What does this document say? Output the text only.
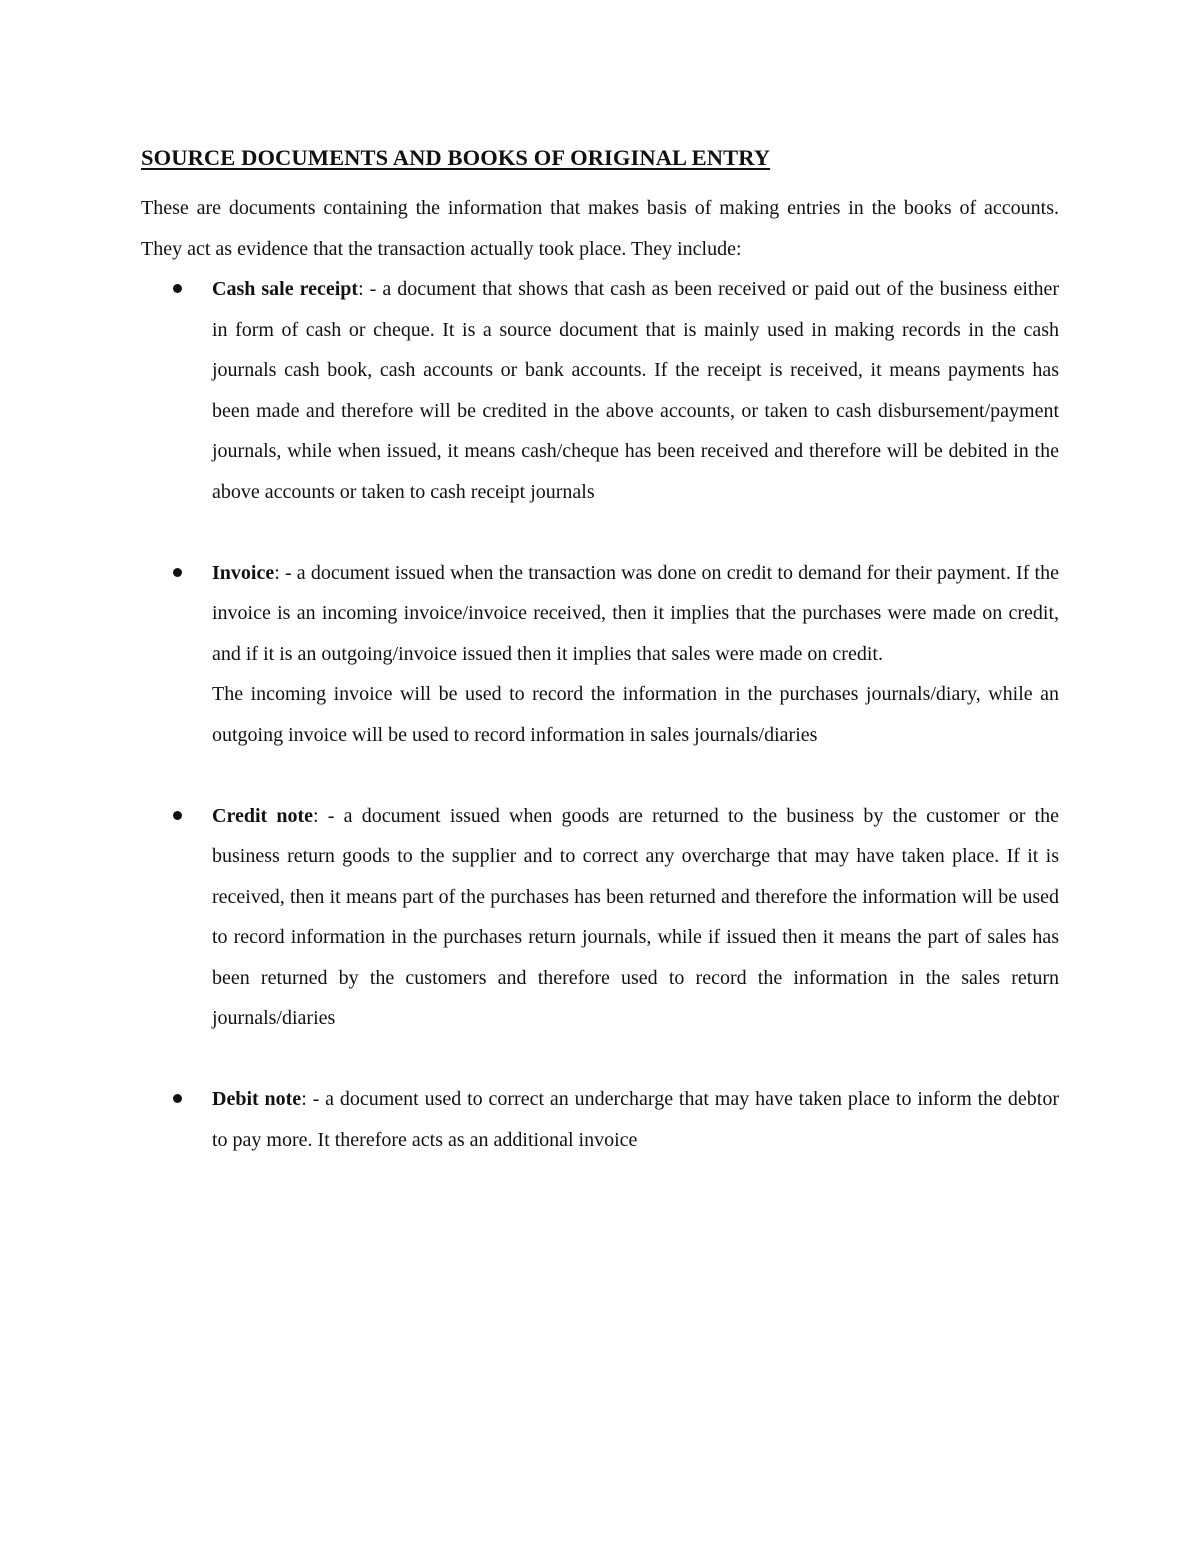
SOURCE DOCUMENTS AND BOOKS OF ORIGINAL ENTRY

These are documents containing the information that makes basis of making entries in the books of accounts. They act as evidence that the transaction actually took place. They include:

Cash sale receipt: - a document that shows that cash as been received or paid out of the business either in form of cash or cheque. It is a source document that is mainly used in making records in the cash journals cash book, cash accounts or bank accounts. If the receipt is received, it means payments has been made and therefore will be credited in the above accounts, or taken to cash disbursement/payment journals, while when issued, it means cash/cheque has been received and therefore will be debited in the above accounts or taken to cash receipt journals

Invoice: - a document issued when the transaction was done on credit to demand for their payment. If the invoice is an incoming invoice/invoice received, then it implies that the purchases were made on credit, and if it is an outgoing/invoice issued then it implies that sales were made on credit.

The incoming invoice will be used to record the information in the purchases journals/diary, while an outgoing invoice will be used to record information in sales journals/diaries

Credit note: - a document issued when goods are returned to the business by the customer or the business return goods to the supplier and to correct any overcharge that may have taken place. If it is received, then it means part of the purchases has been returned and therefore the information will be used to record information in the purchases return journals, while if issued then it means the part of sales has been returned by the customers and therefore used to record the information in the sales return journals/diaries

Debit note: - a document used to correct an undercharge that may have taken place to inform the debtor to pay more. It therefore acts as an additional invoice
